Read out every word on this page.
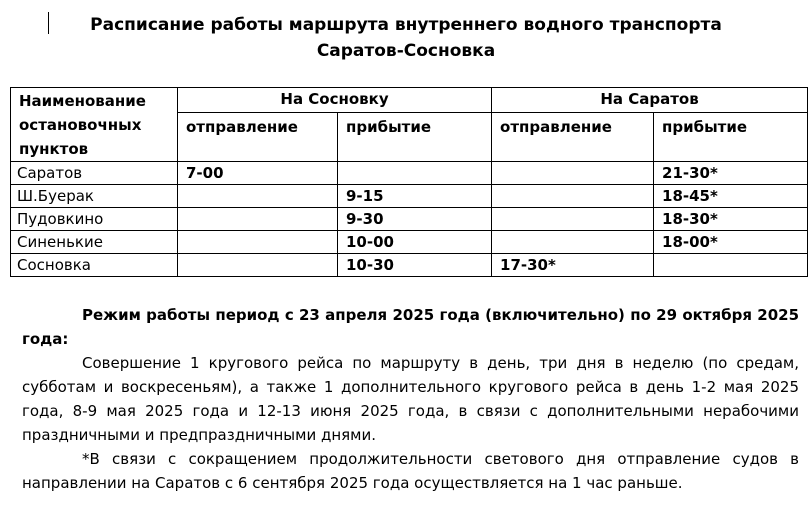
Расписание работы маршрута внутреннего водного транспорта
Саратов-Сосновка
Наименование остановочных пунктов	На Сосновку		На Саратов	
	отправление	прибытие	отправление	прибытие
Саратов	7-00			21-30*
Ш.Буерак		9-15		18-45*
Пудовкино		9-30		18-30*
Синенькие		10-00		18-00*
Сосновка		10-30	17-30*	

Режим работы период с 23 апреля 2025 года (включительно) по 29 октября 2025 года:

Совершение 1 кругового рейса по маршруту в день, три дня в неделю (по средам, субботам и воскресеньям), а также 1 дополнительного кругового рейса в день 1-2 мая 2025 года, 8-9 мая 2025 года и 12-13 июня 2025 года, в связи с дополнительными нерабочими праздничными и предпраздничными днями.

*В связи с сокращением продолжительности светового дня отправление судов в направлении на Саратов с 6 сентября 2025 года осуществляется на 1 час раньше.
